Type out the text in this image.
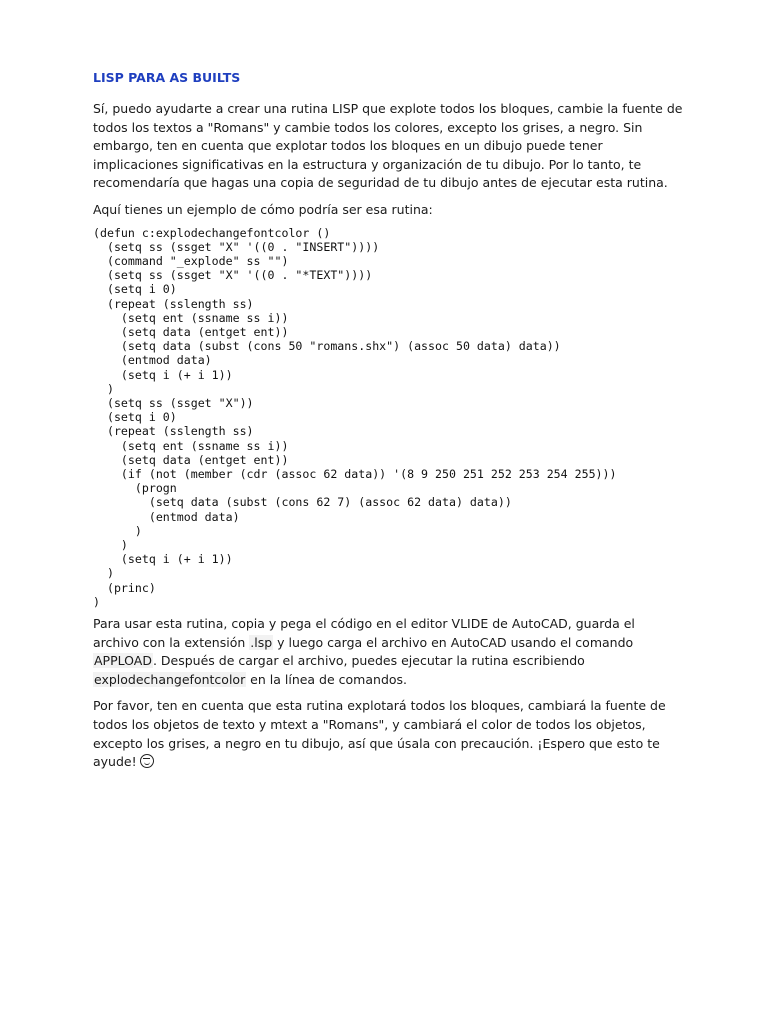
LISP PARA AS BUILTS

Sí, puedo ayudarte a crear una rutina LISP que explote todos los bloques, cambie la fuente de todos los textos a "Romans" y cambie todos los colores, excepto los grises, a negro. Sin embargo, ten en cuenta que explotar todos los bloques en un dibujo puede tener implicaciones significativas en la estructura y organización de tu dibujo. Por lo tanto, te recomendaría que hagas una copia de seguridad de tu dibujo antes de ejecutar esta rutina.

Aquí tienes un ejemplo de cómo podría ser esa rutina:

(defun c:explodechangefontcolor ()
(setq ss (ssget "X" '((0 . "INSERT"))))
(command "_explode" ss "")
(setq ss (ssget "X" '((0 . "*TEXT"))))
(setq i 0)
(repeat (sslength ss)
(setq ent (ssname ss i))
(setq data (entget ent))
(setq data (subst (cons 50 "romans.shx") (assoc 50 data) data))
(entmod data)
(setq i (+ i 1))
)
(setq ss (ssget "X"))
(setq i 0)
(repeat (sslength ss)
(setq ent (ssname ss i))
(setq data (entget ent))
(if (not (member (cdr (assoc 62 data)) '(8 9 250 251 252 253 254 255)))
(progn
(setq data (subst (cons 62 7) (assoc 62 data) data))
(entmod data)
)
)
(setq i (+ i 1))
)
(princ)
)

Para usar esta rutina, copia y pega el código en el editor VLIDE de AutoCAD, guarda el archivo con la extensión .lsp y luego carga el archivo en AutoCAD usando el comando APPLOAD. Después de cargar el archivo, puedes ejecutar la rutina escribiendo explodechangefontcolor en la línea de comandos.

Por favor, ten en cuenta que esta rutina explotará todos los bloques, cambiará la fuente de todos los objetos de texto y mtext a "Romans", y cambiará el color de todos los objetos, excepto los grises, a negro en tu dibujo, así que úsala con precaución. ¡Espero que esto te ayude!
